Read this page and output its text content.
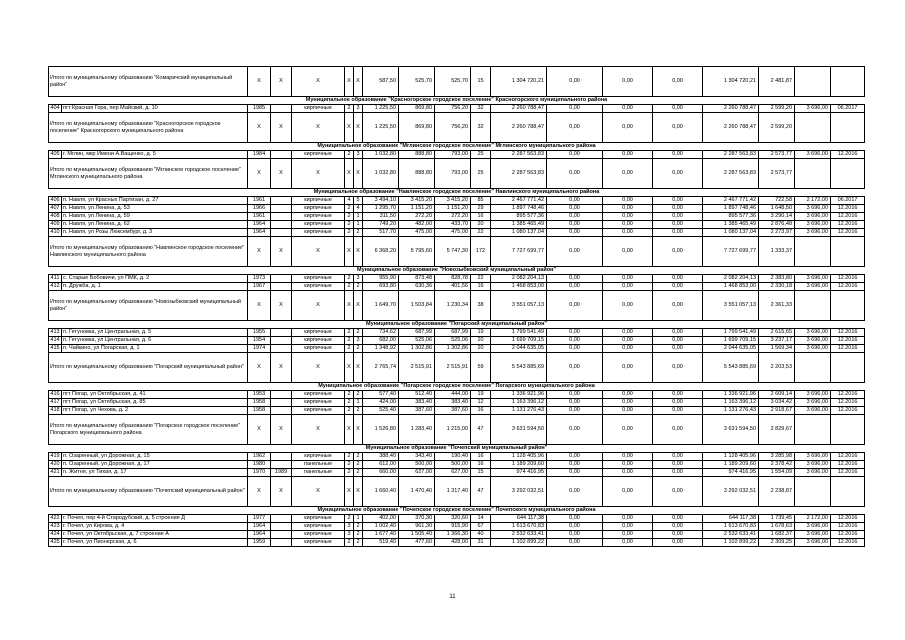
Итого по муниципальному образованию "Комаричский муниципальный район"		X	X	X	X	X	587,50	525,70	525,70	15	1 304 720,21	0,00	0,00	0,00	1 304 720,21	2 481,87		
Муниципальное образование "Красногорское городское поселение" Красногорского муниципального района																		
404	пгт Красная Гора, пер Майский, д. 10	1985		кирпичные	2	3	1 225,50	869,80	756,20	32	2 260 788,47	0,00	0,00	0,00	2 260 788,47	2 599,20	3 696,00	06.2017
Итого по муниципальному образованию "Красногорское городское поселение" Красногорского муниципального района		X	X	X	X	X	1 225,50	869,80	756,20	32	2 260 788,47	0,00	0,00	0,00	2 260 788,47	2 599,20		
Муниципальное образование "Мглинское городское поселение" Мглинского муниципального района																		
405	г. Мглин, мкр Имени А.Ващенко, д. 5	1984		кирпичные	2	3	1 032,80	888,80	793,00	25	2 287 563,83	0,00	0,00	0,00	2 287 563,83	2 573,77	3 696,00	12.2016
Итого по муниципальному образованию "Мглинское городское поселение" Мглинского муниципального района		X	X	X	X	X	1 032,80	888,80	793,00	25	2 287 563,83	0,00	0,00	0,00	2 287 563,83	2 573,77		
Муниципальное образование "Навлинское городское поселение" Навлинского муниципального района																		
406	п. Навля, ул Красных Партизан, д. 27	1961		кирпичные	4	5	3 494,10	3 415,20	3 415,20	85	2 467 771,42	0,00	0,00	0,00	2 467 771,42	722,58	2 172,00	06.2017
407	п. Навля, ул Ленина, д. 53	1966		кирпичные	2	4	1 295,70	1 151,20	1 151,20	29	1 897 748,46	0,00	0,00	0,00	1 897 748,46	1 648,50	3 696,00	12.2016
408	п. Навля, ул Ленина, д. 59	1961		кирпичные	2	1	311,50	272,20	272,20	16	895 577,36	0,00	0,00	0,00	895 577,36	3 290,14	3 696,00	12.2016
409	п. Навля, ул Ленина, д. 62	1964		кирпичные	2	1	749,20	482,00	433,70	20	1 385 465,49	0,00	0,00	0,00	1 385 465,49	2 876,48	3 696,00	12.2016
410	п. Навля, ул Розы Люксембург, д. 3	1964		кирпичные	2	2	517,70	475,00	475,00	22	1 080 137,04	0,00	0,00	0,00	1 080 137,04	2 273,97	3 696,00	12.2016
Итого по муниципальному образованию "Навлинское городское поселение" Навлинского муниципального района		X	X	X	X	X	6 368,20	5 795,60	5 747,30	172	7 727 699,77	0,00	0,00	0,00	7 727 699,77	1 333,37		
Муниципальное образование "Новозыбковский муниципальный район"																		
411	с. Старые Бобовичи, ул ПМК, д. 2	1973		кирпичные	2	3	955,90	873,48	828,78	22	2 082 204,13	0,00	0,00	0,00	2 082 204,13	2 383,80	3 696,00	12.2016
412	п. Дружба, д. 1	1967		кирпичные	2	2	693,80	630,36	401,56	16	1 468 853,00	0,00	0,00	0,00	1 468 853,00	2 330,18	3 696,00	12.2016
Итого по муниципальному образованию "Новозыбковский муниципальный район"		X	X	X	X	X	1 649,70	1 503,84	1 230,34	38	3 551 057,13	0,00	0,00	0,00	3 551 057,13	2 361,33		
Муниципальное образование "Погарский муниципальный район"																		
413	п. Гетуновка, ул Центральная, д. 5	1955		кирпичные	2	2	734,62	687,99	687,99	19	1 799 541,49	0,00	0,00	0,00	1 799 541,49	2 615,65	3 696,00	12.2016
414	п. Гетуновка, ул Центральная, д. 6	1954		кирпичные	2	3	682,00	525,06	525,06	20	1 699 709,15	0,00	0,00	0,00	1 699 709,15	3 237,17	3 696,00	12.2016
415	п. Чайкино, ул Погарская, д. 1	1974		кирпичные	2	2	1 348,92	1 302,86	1 302,86	20	2 044 635,05	0,00	0,00	0,00	2 044 635,05	1 569,34	3 696,00	12.2016
Итого по муниципальному образованию "Погарский муниципальный район"		X	X	X	X	X	2 765,74	2 515,91	2 515,91	59	5 543 885,69	0,00	0,00	0,00	5 543 885,69	2 203,53		
Муниципальное образование "Погарское городское поселение" Погарского муниципального района																		
416	пгт Погар, ул Октябрьская, д. 41	1953		кирпичные	2	2	577,40	512,40	444,00	19	1 336 921,96	0,00	0,00	0,00	1 336 921,96	2 609,14	3 696,00	12.2016
417	пгт Погар, ул Октябрьская, д. 85	1958		кирпичные	2	1	424,00	383,40	383,40	12	1 163 396,12	0,00	0,00	0,00	1 163 396,12	3 034,42	3 696,00	12.2016
418	пгт Погар, ул Чехова, д. 2	1958		кирпичные	2	2	525,40	387,60	387,60	16	1 131 276,43	0,00	0,00	0,00	1 131 276,43	2 918,67	3 696,00	12.2016
Итого по муниципальному образованию "Погарское городское поселение" Погарского муниципального района		X	X	X	X	X	1 526,80	1 283,40	1 215,00	47	3 631 594,50	0,00	0,00	0,00	3 631 594,50	2 829,67		
Муниципальное образование "Почепский муниципальный район"																		
419	п. Озаренный, ул Дорожная, д. 15	1962		кирпичные	2	2	388,40	343,40	190,40	16	1 128 405,96	0,00	0,00	0,00	1 128 405,96	3 285,98	3 696,00	12.2016
420	п. Озаренный, ул Дорожная, д. 17	1980		панельные	2	2	612,00	500,00	500,00	16	1 189 209,60	0,00	0,00	0,00	1 189 209,60	2 378,42	3 696,00	12.2016
421	п. Житня, ул Тихая, д. 17	1970	1989	панельные	2	2	660,00	627,00	627,00	15	974 416,95	0,00	0,00	0,00	974 416,95	1 554,09	3 696,00	12.2016
Итого по муниципальному образованию "Почепский муниципальный район"		X	X	X	X	X	1 660,40	1 470,40	1 317,40	47	3 292 032,51	0,00	0,00	0,00	3 292 032,51	2 238,87		
Муниципальное образование "Почепское городское поселение" Почепского муниципального района																		
422	г. Почеп, пер 4-й Стародубский, д. 5 строение Д	1977		кирпичные	2	1	402,00	370,30	320,60	14	644 117,38	0,00	0,00	0,00	644 117,38	1 739,45	2 172,00	12.2016
423	г. Почеп, ул Кирова, д. 4	1964		кирпичные	3	2	1 002,40	961,30	915,90	67	1 613 670,83	0,00	0,00	0,00	1 613 670,83	1 678,63	3 696,00	12.2016
424	г. Почеп, ул Октябрьская, д. 7 строение А	1964		кирпичные	3	2	1 677,40	1 505,40	1 366,30	40	2 532 633,41	0,00	0,00	0,00	2 532 633,41	1 682,37	3 696,00	12.2016
425	г. Почеп, ул Пионерская, д. 6	1959		кирпичные	2	2	519,40	477,60	428,00	31	1 102 899,22	0,00	0,00	0,00	1 102 899,22	2 309,25	3 696,00	12.2016
11
